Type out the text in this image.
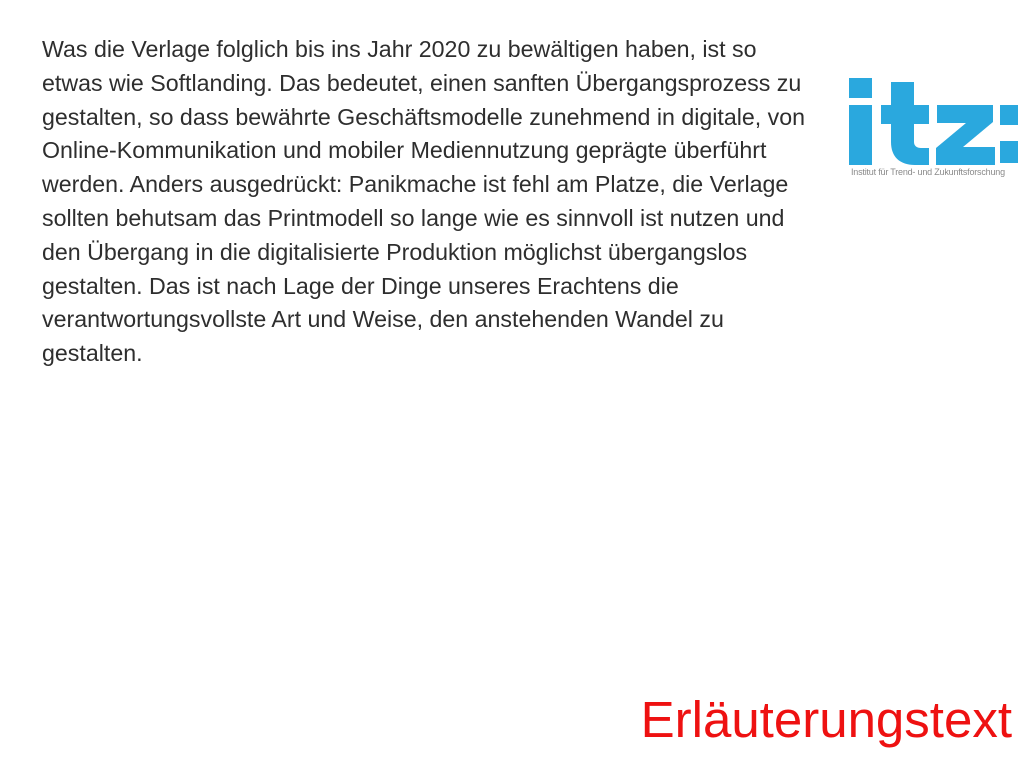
itz:
Institut für Trend- und Zukunftsforschung

Was die Verlage folglich bis ins Jahr 2020 zu bewältigen haben, ist so
etwas wie Softlanding. Das bedeutet, einen sanften Übergangsprozess zu
gestalten, so dass bewährte Geschäftsmodelle zunehmend in digitale, von
Online-Kommunikation und mobiler Mediennutzung geprägte überführt
werden. Anders ausgedrückt: Panikmache ist fehl am Platze, die Verlage
sollten behutsam das Printmodell so lange wie es sinnvoll ist nutzen und
den Übergang in die digitalisierte Produktion möglichst übergangslos
gestalten. Das ist nach Lage der Dinge unseres Erachtens die
verantwortungsvollste Art und Weise, den anstehenden Wandel zu
gestalten.

Erläuterungstext
